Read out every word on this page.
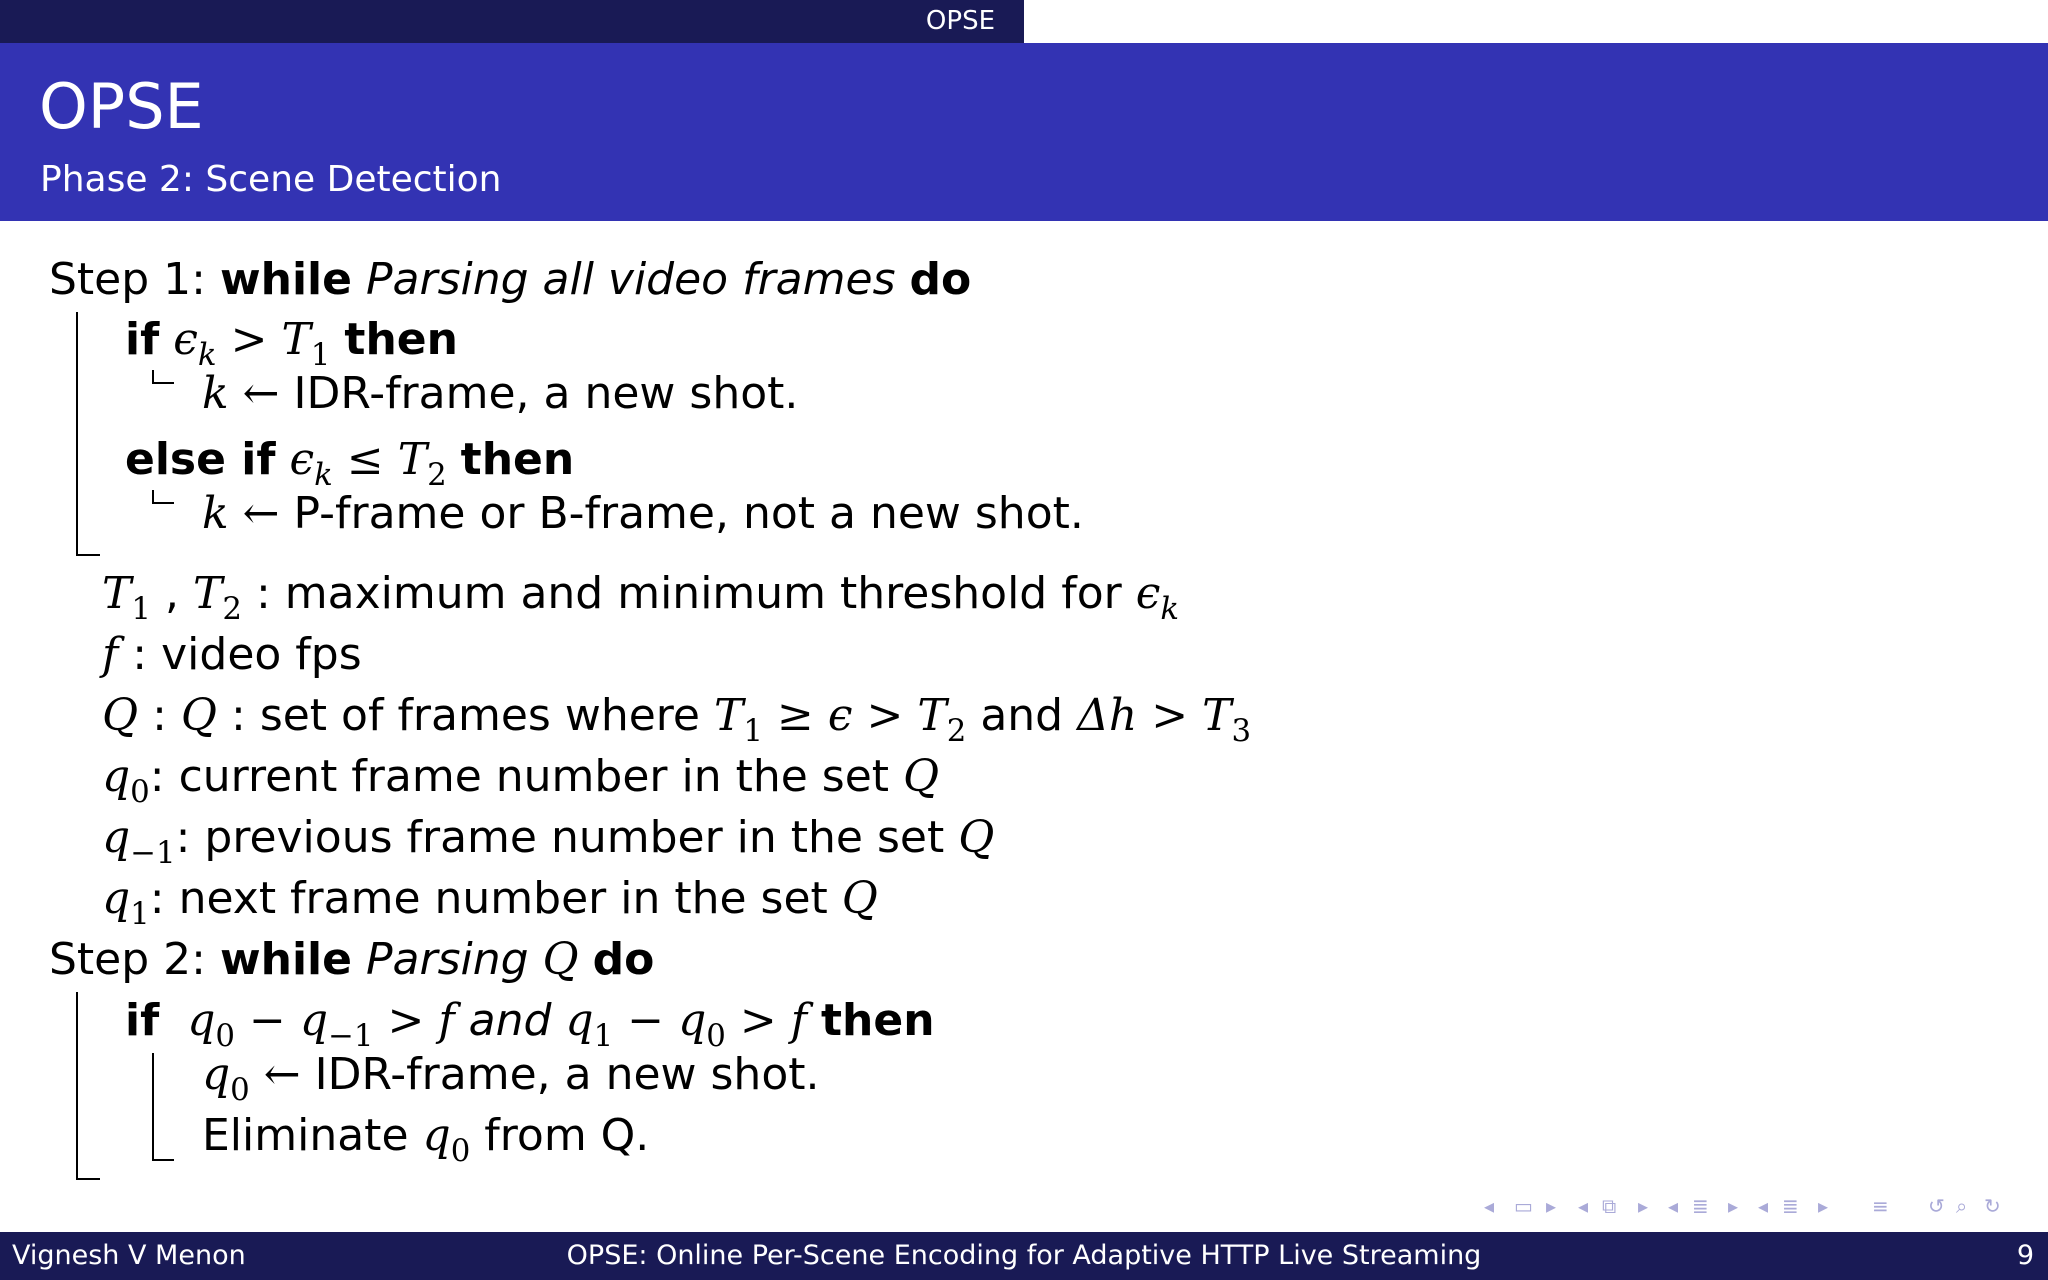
OPSE
OPSE
Phase 2: Scene Detection
Step 1: while Parsing all video frames do
if $\epsilon_k > T_1$ then
k ← IDR-frame, a new shot.
else if $\epsilon_k \le T_2$ then
k ← P-frame or B-frame, not a new shot.
$T_1$ , $T_2$ : maximum and minimum threshold for $\epsilon_k$
f : video fps
Q : Q : set of frames where $T_1 \ge \epsilon > T_2$ and $\Delta h > T_3$
$q_0$: current frame number in the set Q
$q_{-1}$: previous frame number in the set Q
$q_1$: next frame number in the set Q
Step 2: while Parsing Q do
if $q_0 - q_{-1} > f$ and $q_1 - q_0 > f$ then
$q_0$ ← IDR-frame, a new shot.
Eliminate $q_0$ from Q.
◂ ▭ ▸ ◂ ⧉ ▸ ◂ ≣ ▸ ◂ ≣ ▸ ≡ ↺ ⌕ ↻
Vignesh V Menon	OPSE: Online Per-Scene Encoding for Adaptive HTTP Live Streaming	9
